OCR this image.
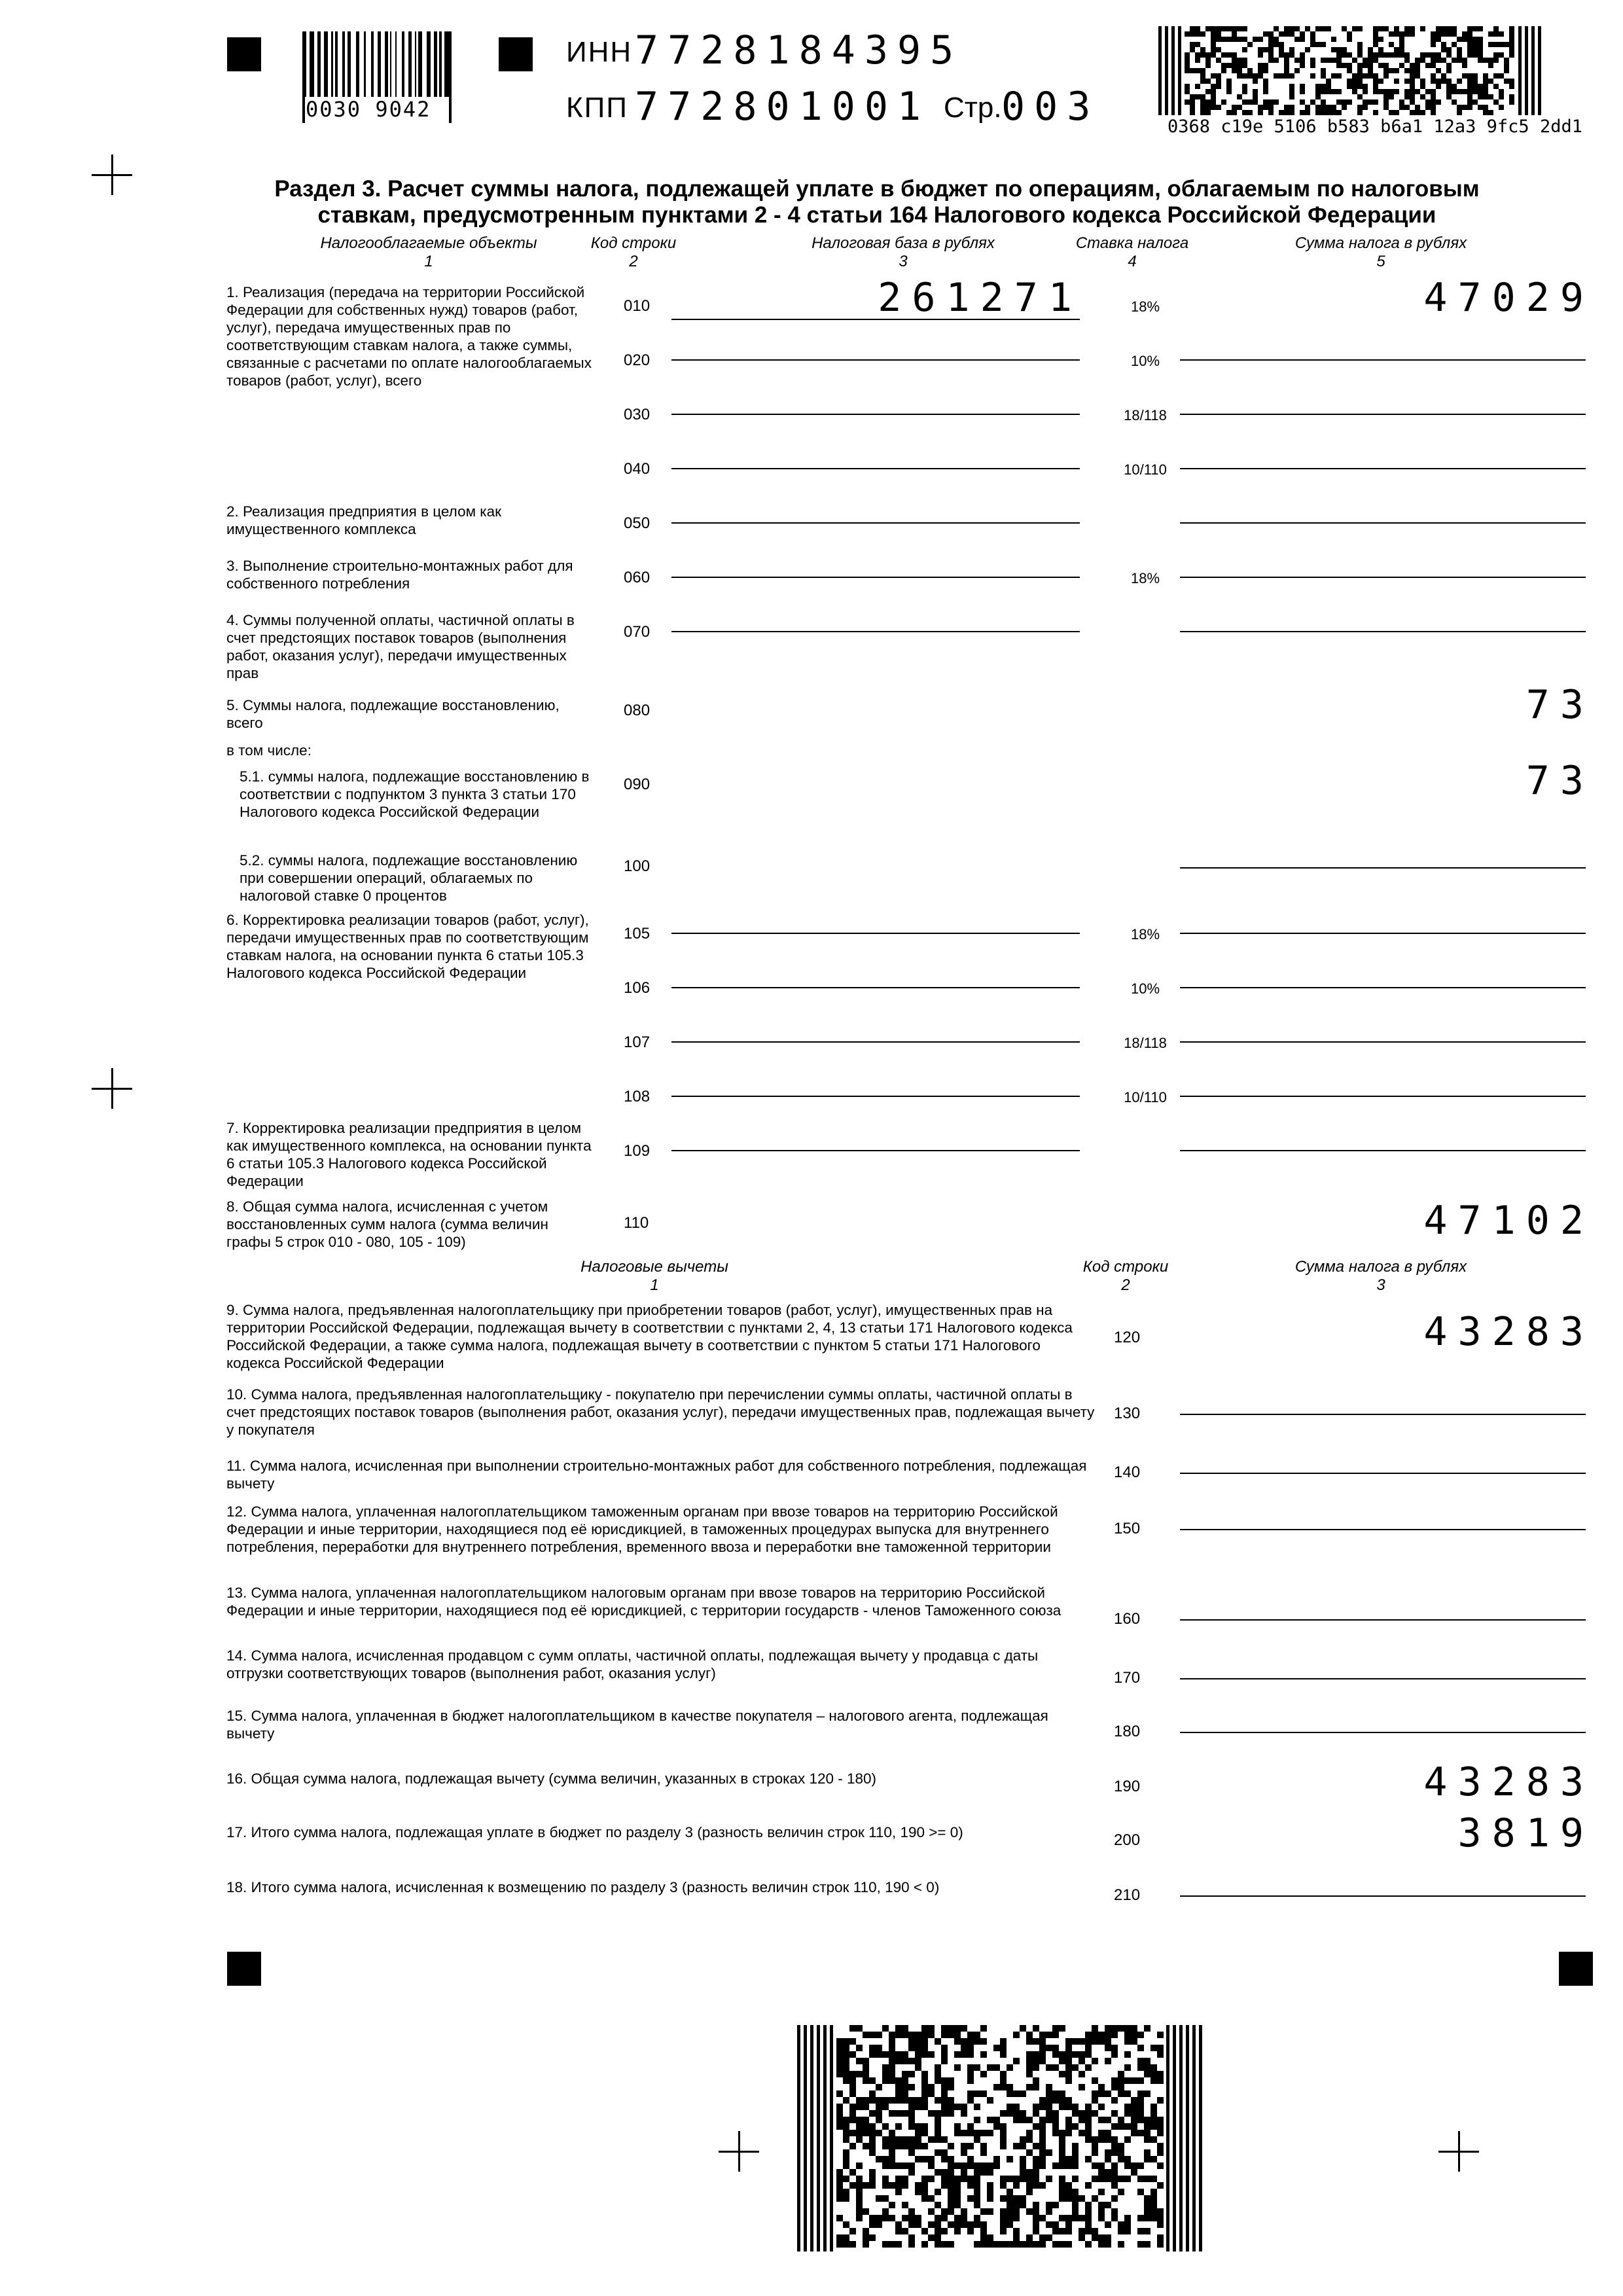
0030 9042
ИНН 7728184395
КПП 772801001 Стр. 003	0368 c19e 5106 b583 b6a1 12a3 9fc5 2dd1
Раздел 3. Расчет суммы налога, подлежащей уплате в бюджет по операциям, облагаемым по налоговым
ставкам, предусмотренным пунктами 2 - 4 статьи 164 Налогового кодекса Российской Федерации
Налогооблагаемые объекты
1
Код строки
2
Налоговая база в рублях
3
Ставка налога
4
Сумма налога в рублях
5
1. Реализация (передача на территории Российской Федерации для собственных нужд) товаров (работ, услуг), передача имущественных прав по соответствующим ставкам налога, а также суммы, связанные с расчетами по оплате налогооблагаемых товаров (работ, услуг), всего
2. Реализация предприятия в целом как имущественного комплекса
3. Выполнение строительно-монтажных работ для собственного потребления
4. Суммы полученной оплаты, частичной оплаты в счет предстоящих поставок товаров (выполнения работ, оказания услуг), передачи имущественных прав
5. Суммы налога, подлежащие восстановлению, всего
в том числе:
5.1. суммы налога, подлежащие восстановлению в соответствии с подпунктом 3 пункта 3 статьи 170 Налогового кодекса Российской Федерации
5.2. суммы налога, подлежащие восстановлению при совершении операций, облагаемых по налоговой ставке 0 процентов
6. Корректировка реализации товаров (работ, услуг), передачи имущественных прав по соответствующим ставкам налога, на основании пункта 6 статьи 105.3 Налогового кодекса Российской Федерации
7. Корректировка реализации предприятия в целом как имущественного комплекса, на основании пункта 6 статьи 105.3 Налогового кодекса Российской Федерации
8. Общая сумма налога, исчисленная с учетом восстановленных сумм налога (сумма величин графы 5 строк 010 - 080, 105 - 109)
010
020
030
040
050
060
070
080
090
100
105
106
107
108
109
110
18%
10%
18/118
10/110
18%
18%
10%
18/118
10/110
261271	47029
73
73
47102
Налоговые вычеты
1
Код строки
2
Сумма налога в рублях
3
9. Сумма налога, предъявленная налогоплательщику при приобретении товаров (работ, услуг), имущественных прав на территории Российской Федерации, подлежащая вычету в соответствии с пунктами 2, 4, 13 статьи 171 Налогового кодекса Российской Федерации, а также сумма налога, подлежащая вычету в соответствии с пунктом 5 статьи 171 Налогового кодекса Российской Федерации
10. Сумма налога, предъявленная налогоплательщику - покупателю при перечислении суммы оплаты, частичной оплаты в счет предстоящих поставок товаров (выполнения работ, оказания услуг), передачи имущественных прав, подлежащая вычету у покупателя
11. Сумма налога, исчисленная при выполнении строительно-монтажных работ для собственного потребления, подлежащая вычету
12. Сумма налога, уплаченная налогоплательщиком таможенным органам при ввозе товаров на территорию Российской Федерации и иные территории, находящиеся под её юрисдикцией, в таможенных процедурах выпуска для внутреннего потребления, переработки для внутреннего потребления, временного ввоза и переработки вне таможенной территории
13. Сумма налога, уплаченная налогоплательщиком налоговым органам при ввозе товаров на территорию Российской Федерации и иные территории, находящиеся под её юрисдикцией, с территории государств - членов Таможенного союза
14. Сумма налога, исчисленная продавцом с сумм оплаты, частичной оплаты, подлежащая вычету у продавца с даты отгрузки соответствующих товаров (выполнения работ, оказания услуг)
15. Сумма налога, уплаченная в бюджет налогоплательщиком в качестве покупателя – налогового агента, подлежащая вычету
16. Общая сумма налога, подлежащая вычету (сумма величин, указанных в строках 120 - 180)
17. Итого сумма налога, подлежащая уплате в бюджет по разделу 3 (разность величин строк 110, 190 >= 0)
18. Итого сумма налога, исчисленная к возмещению по разделу 3 (разность величин строк 110, 190 < 0)
120
130
140
150
160
170
180
190
200
210
43283
43283
3819
